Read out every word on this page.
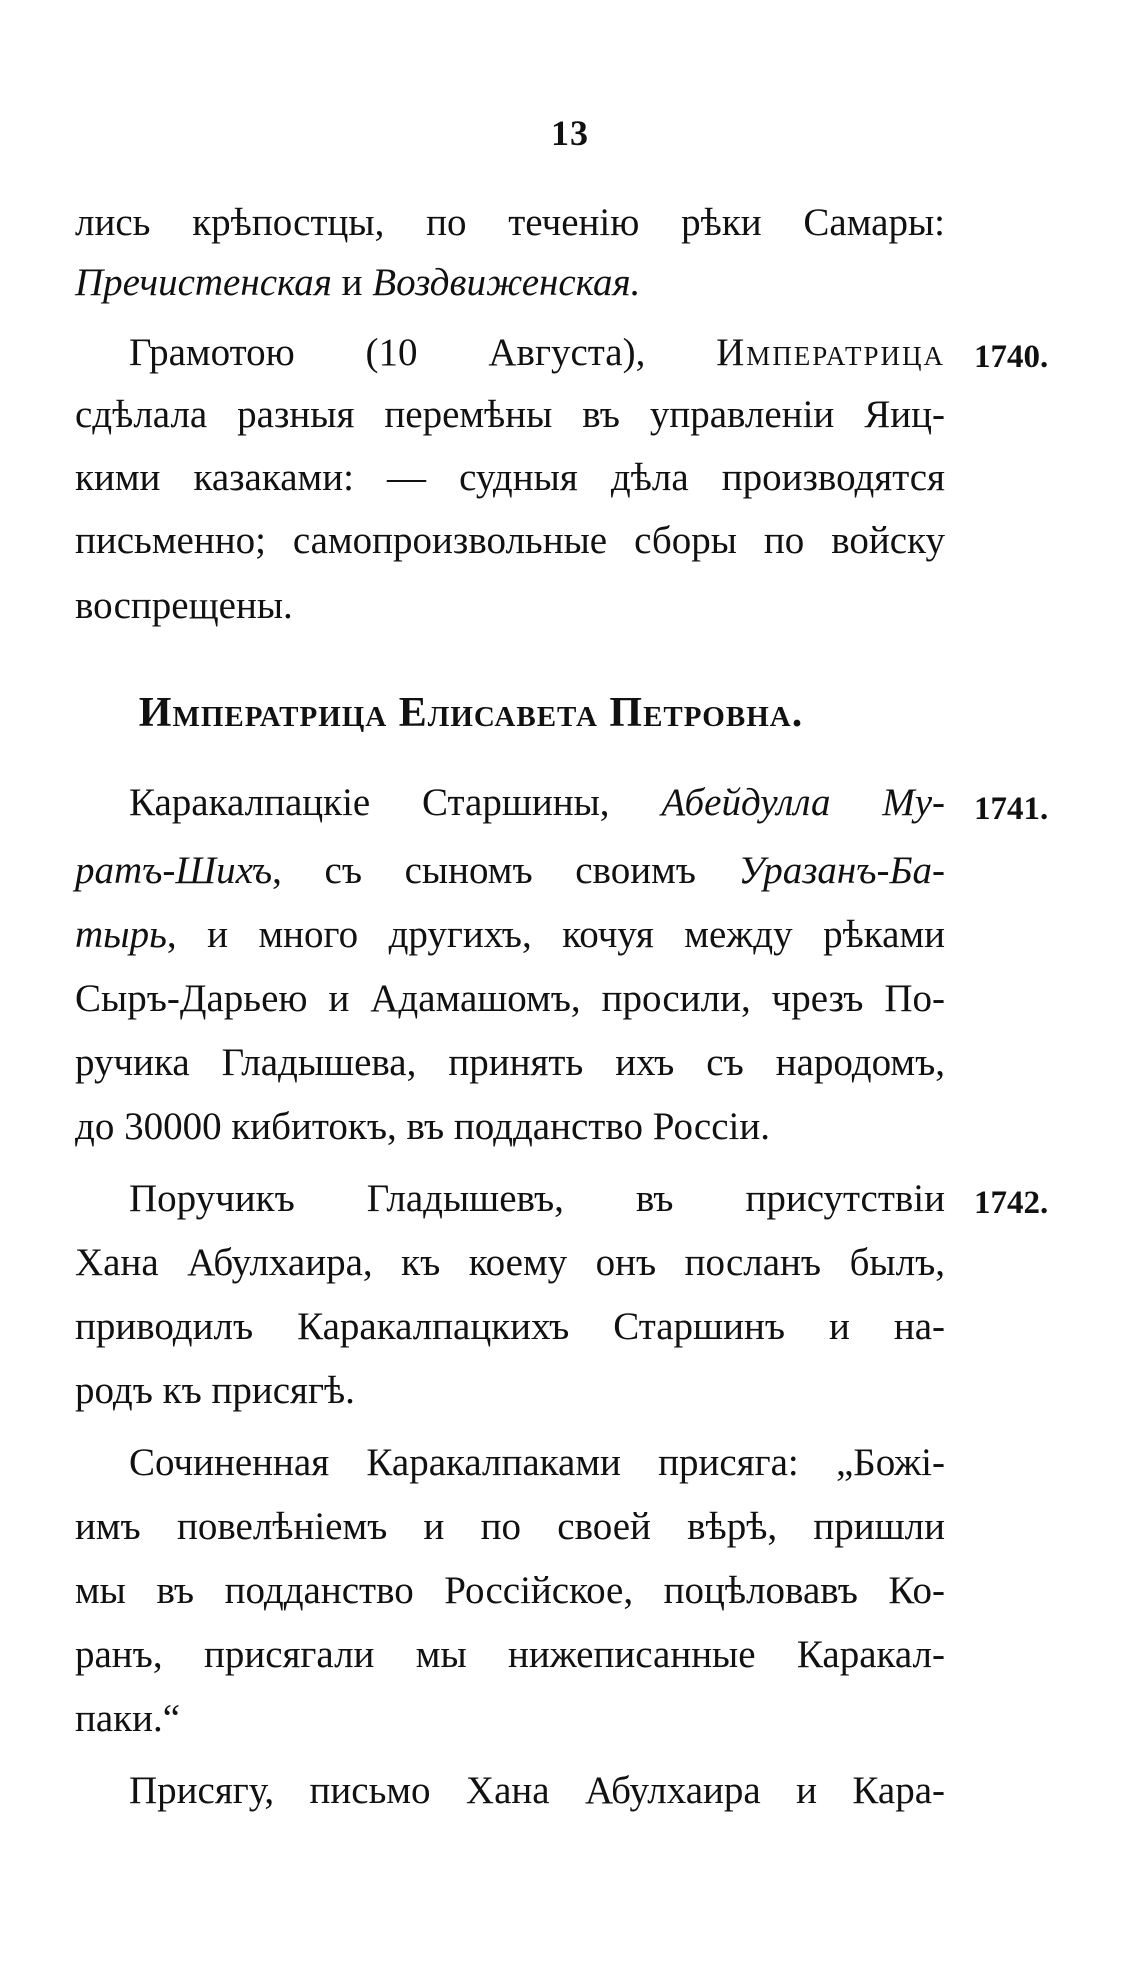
13
лись крѣпостцы, по теченію рѣки Самары:
Пречистенская и Воздвиженская.
Грамотою (10 Августа), Императрица
сдѣлала разныя перемѣны въ управленіи Яиц-
кими казаками: — судныя дѣла производятся
письменно; самопроизвольные сборы по войску
воспрещены.
Императрица Елисавета Петровна.
Каракалпацкіе Старшины, Абейдулла Му-
ратъ-Шихъ, съ сыномъ своимъ Уразанъ-Ба-
тырь, и много другихъ, кочуя между рѣками
Сыръ-Дарьею и Адамашомъ, просили, чрезъ По-
ручика Гладышева, принять ихъ съ народомъ,
до 30000 кибитокъ, въ подданство Россіи.
Поручикъ Гладышевъ, въ присутствіи
Хана Абулхаира, къ коему онъ посланъ былъ,
приводилъ Каракалпацкихъ Старшинъ и на-
родъ къ присягѣ.
Сочиненная Каракалпаками присяга: „Божі-
имъ повелѣніемъ и по своей вѣрѣ, пришли
мы въ подданство Россійское, поцѣловавъ Ко-
ранъ, присягали мы нижеписанные Каракал-
паки.“
Присягу, письмо Хана Абулхаира и Кара-
1740.
1741.
1742.
